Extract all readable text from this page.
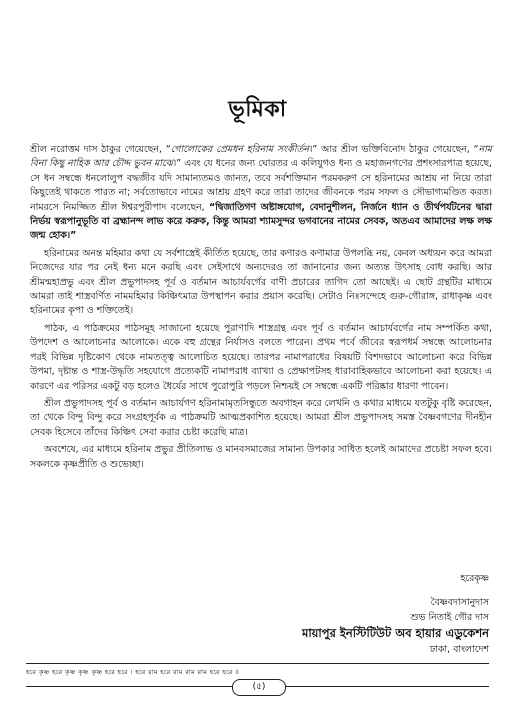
ভূমিকা

শ্রীল নরোত্তম দাস ঠাকুর গেয়েছেন, “গোলোকের প্রেমধন হরিনাম সংকীর্তন।” আর শ্রীল ভক্তিবিনোদ ঠাকুর গেয়েছেন, “নাম বিনা কিছু নাহিক আর চৌদ্দ ভুবন মাঝে।” এবং যে ধনের জন্য ঘোরতর এ কলিযুগও ধন্য ও মহাজনগণের প্রশংসারপাত্র হয়েছে, সে ধন সম্বন্ধে ধনলোলুপ বদ্ধজীব যদি সামান্যতমও জানত, তবে সর্বশক্তিমান পরমকরুণ সে হরিনামের আশ্রয় না নিয়ে তারা কিছুতেই থাকতে পারত না; সর্বতোভাবে নামের আশ্রয় গ্রহণ করে তারা তাদের জীবনকে পরম সফল ও সৌভাগ্যমণ্ডিত করত। নামরসে নিমজ্জিত শ্রীল ঈশ্বরপুরীপাদ বলেছেন, “দ্বিজাতিগণ অষ্টাঙ্গযোগ, বেদানুশীলন, নির্জনে ধ্যান ও তীর্থপর্যটনের দ্বারা নির্ভয় স্বরূপানুভূতি বা ব্রহ্মানন্দ লাভ করে করুক, কিন্তু আমরা শ্যামসুন্দর ভগবানের নামের সেবক, অতএব আমাদের লক্ষ লক্ষ জন্ম হোক।”

হরিনামের অনন্ত মহিমার কথা যে সর্বশাস্ত্রেই কীর্তিত হয়েছে, তার কণারও কণামাত্র উপলব্ধি নয়, কেবল অধ্যয়ন করে আমরা নিজেদের যার পর নেই ধন্য মনে করছি এবং সেইসাথে অন্যদেরও তা জানানোর জন্য অত্যন্ত উৎসাহ বোধ করছি। আর শ্রীমন্মহাপ্রভু এবং শ্রীল প্রভুপাদসহ পূর্ব ও বর্তমান আচার্যবর্গের বাণী প্রচারের তাগিদ তো আছেই। এ ছোট গ্রন্থটির মাধ্যমে আমরা তাই শাস্ত্রবর্ণিত নামমহিমার কিঞ্চিৎমাত্র উপস্থাপন করার প্রয়াস করেছি। সেটাও নিঃসন্দেহে গুরু-গৌরাঙ্গ, রাধাকৃষ্ণ এবং হরিনামের কৃপা ও শক্তিতেই।

পাঠক, এ পাঠক্রমের পাঠসমূহ সাজানো হয়েছে পুরাণাদি শাস্ত্রগ্রন্থ এবং পূর্ব ও বর্তমান আচার্যবর্গের নাম সম্পর্কিত কথা, উপদেশ ও আলোচনার আলোকে। একে বহু গ্রন্থের নির্যাসও বলতে পারেন। প্রথম পর্বে জীবের স্বরূপধর্ম সম্বন্ধে আলোচনার পরই বিভিন্ন দৃষ্টিকোণ থেকে নামতত্ত্ব আলোচিত হয়েছে। তারপর নামাপরাধের বিষয়টি বিশদভাবে আলোচনা করে বিভিন্ন উপমা, দৃষ্টান্ত ও শাস্ত্র-উদ্ধৃতি সহযোগে প্রত্যেকটি নামাপরাধ ব্যাখ্যা ও প্রেক্ষাপটসহ ধারাবাহিকভাবে আলোচনা করা হয়েছে। এ কারণে এর পরিসর একটু বড় হলেও ধৈর্যের সাথে পুরোপুরি পড়লে নিশ্চয়ই সে সম্বন্ধে একটি পরিষ্কার ধারণা পাবেন।

শ্রীল প্রভুপাদসহ পূর্ব ও বর্তমান আচার্যগণ হরিনামামৃতসিন্ধুতে অবগাহন করে লেখনি ও কথার মাধ্যমে যতটুকু বৃষ্টি করেছেন, তা থেকে বিন্দু বিন্দু করে সংগ্রহপূর্বক এ পাঠক্রমটি আত্মপ্রকাশিত হয়েছে। আমরা শ্রীল প্রভুপাদসহ সমস্ত বৈষ্ণবগণের দীনহীন সেবক হিসেবে তাঁদের কিঞ্চিৎ সেবা করার চেষ্টা করেছি মাত্র।

অবশেষে, এর মাধ্যমে হরিনাম প্রভুর প্রীতিলাভ ও মানবসমাজের সামান্য উপকার সাধিত হলেই আমাদের প্রচেষ্টা সফল হবে। সকলকে কৃষ্ণপ্রীতি ও শুভেচ্ছা।

হরেকৃষ্ণ
বৈষ্ণবদাসানুদাস
শুভ নিতাই গৌর দাস
মায়াপুর ইনস্টিটিউট অব হায়ার এডুকেশন
ঢাকা, বাংলাদেশ
হরে কৃষ্ণ হরে কৃষ্ণ কৃষ্ণ কৃষ্ণ হরে হরে । হরে রাম হরে রাম রাম রাম হরে হরে ॥
(৫)
